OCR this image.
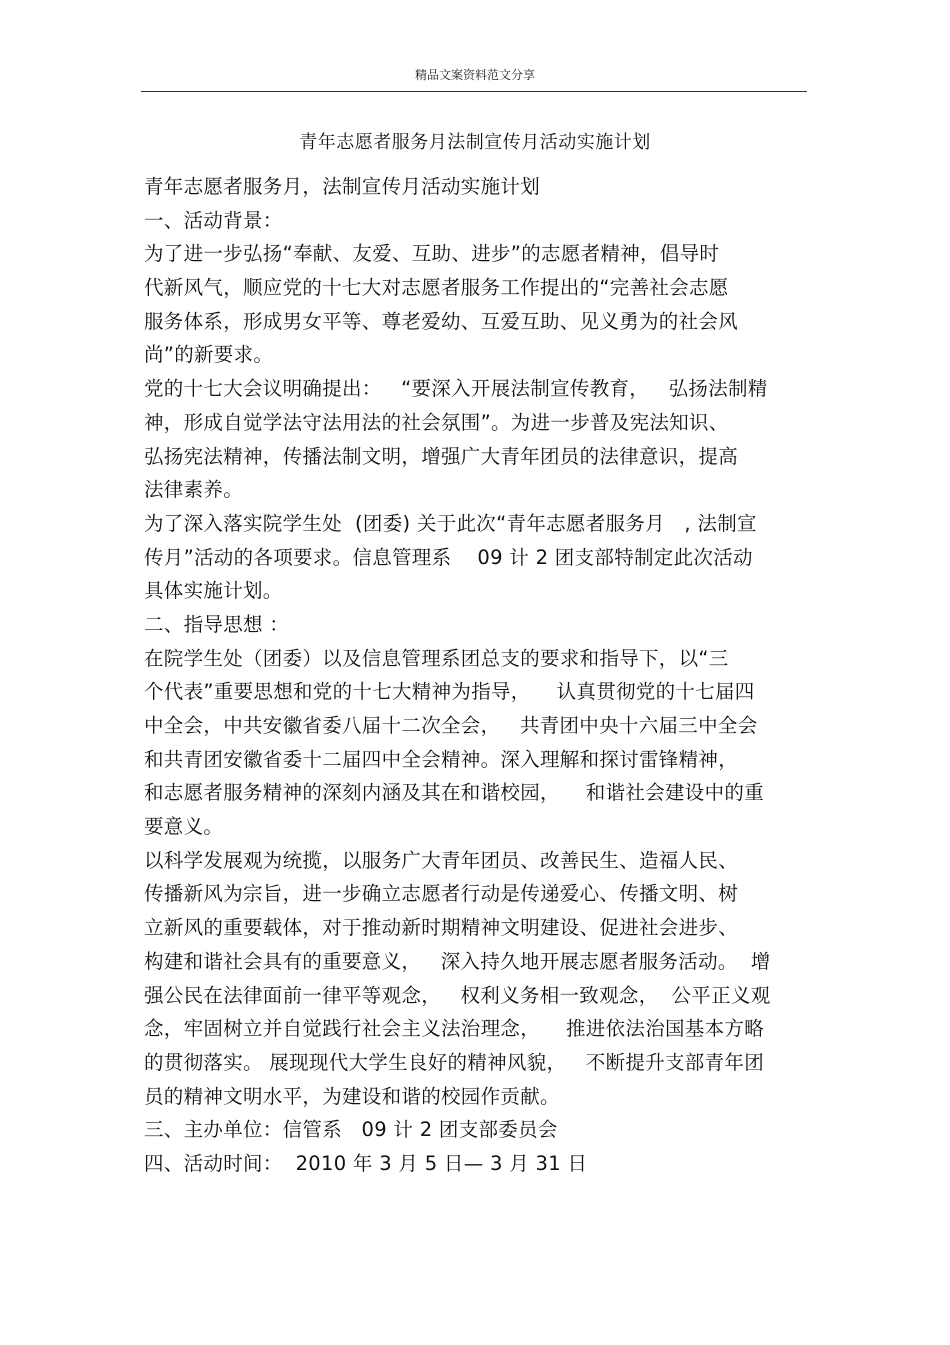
精品文案资料范文分享
青年志愿者服务月法制宣传月活动实施计划
青年志愿者服务月，法制宣传月活动实施计划
一、活动背景：
为了进一步弘扬“奉献、友爱、互助、进步”的志愿者精神，倡导时
代新风气，顺应党的十七大对志愿者服务工作提出的“完善社会志愿
服务体系，形成男女平等、尊老爱幼、互爱互助、见义勇为的社会风
尚”的新要求。
党的十七大会议明确提出：   “要深入开展法制宣传教育，   弘扬法制精
神，形成自觉学法守法用法的社会氛围”。为进一步普及宪法知识、
弘扬宪法精神，传播法制文明，增强广大青年团员的法律意识，提高
法律素养。
为了深入落实院学生处  (团委) 关于此次“青年志愿者服务月   , 法制宣
传月”活动的各项要求。信息管理系    09 计 2 团支部特制定此次活动
具体实施计划。
二、指导思想 ：
在院学生处（团委）以及信息管理系团总支的要求和指导下，以“三
个代表”重要思想和党的十七大精神为指导，    认真贯彻党的十七届四
中全会，中共安徽省委八届十二次全会，   共青团中央十六届三中全会
和共青团安徽省委十二届四中全会精神。深入理解和探讨雷锋精神，
和志愿者服务精神的深刻内涵及其在和谐校园，    和谐社会建设中的重
要意义。
以科学发展观为统揽，以服务广大青年团员、改善民生、造福人民、
传播新风为宗旨，进一步确立志愿者行动是传递爱心、传播文明、树
立新风的重要载体，对于推动新时期精神文明建设、促进社会进步、
构建和谐社会具有的重要意义，   深入持久地开展志愿者服务活动。  增
强公民在法律面前一律平等观念，   权利义务相一致观念，  公平正义观
念，牢固树立并自觉践行社会主义法治理念，    推进依法治国基本方略
的贯彻落实。 展现现代大学生良好的精神风貌，   不断提升支部青年团
员的精神文明水平，为建设和谐的校园作贡献。
三、主办单位：信管系   09 计 2 团支部委员会
四、活动时间：  2010 年 3 月 5 日— 3 月 31 日
